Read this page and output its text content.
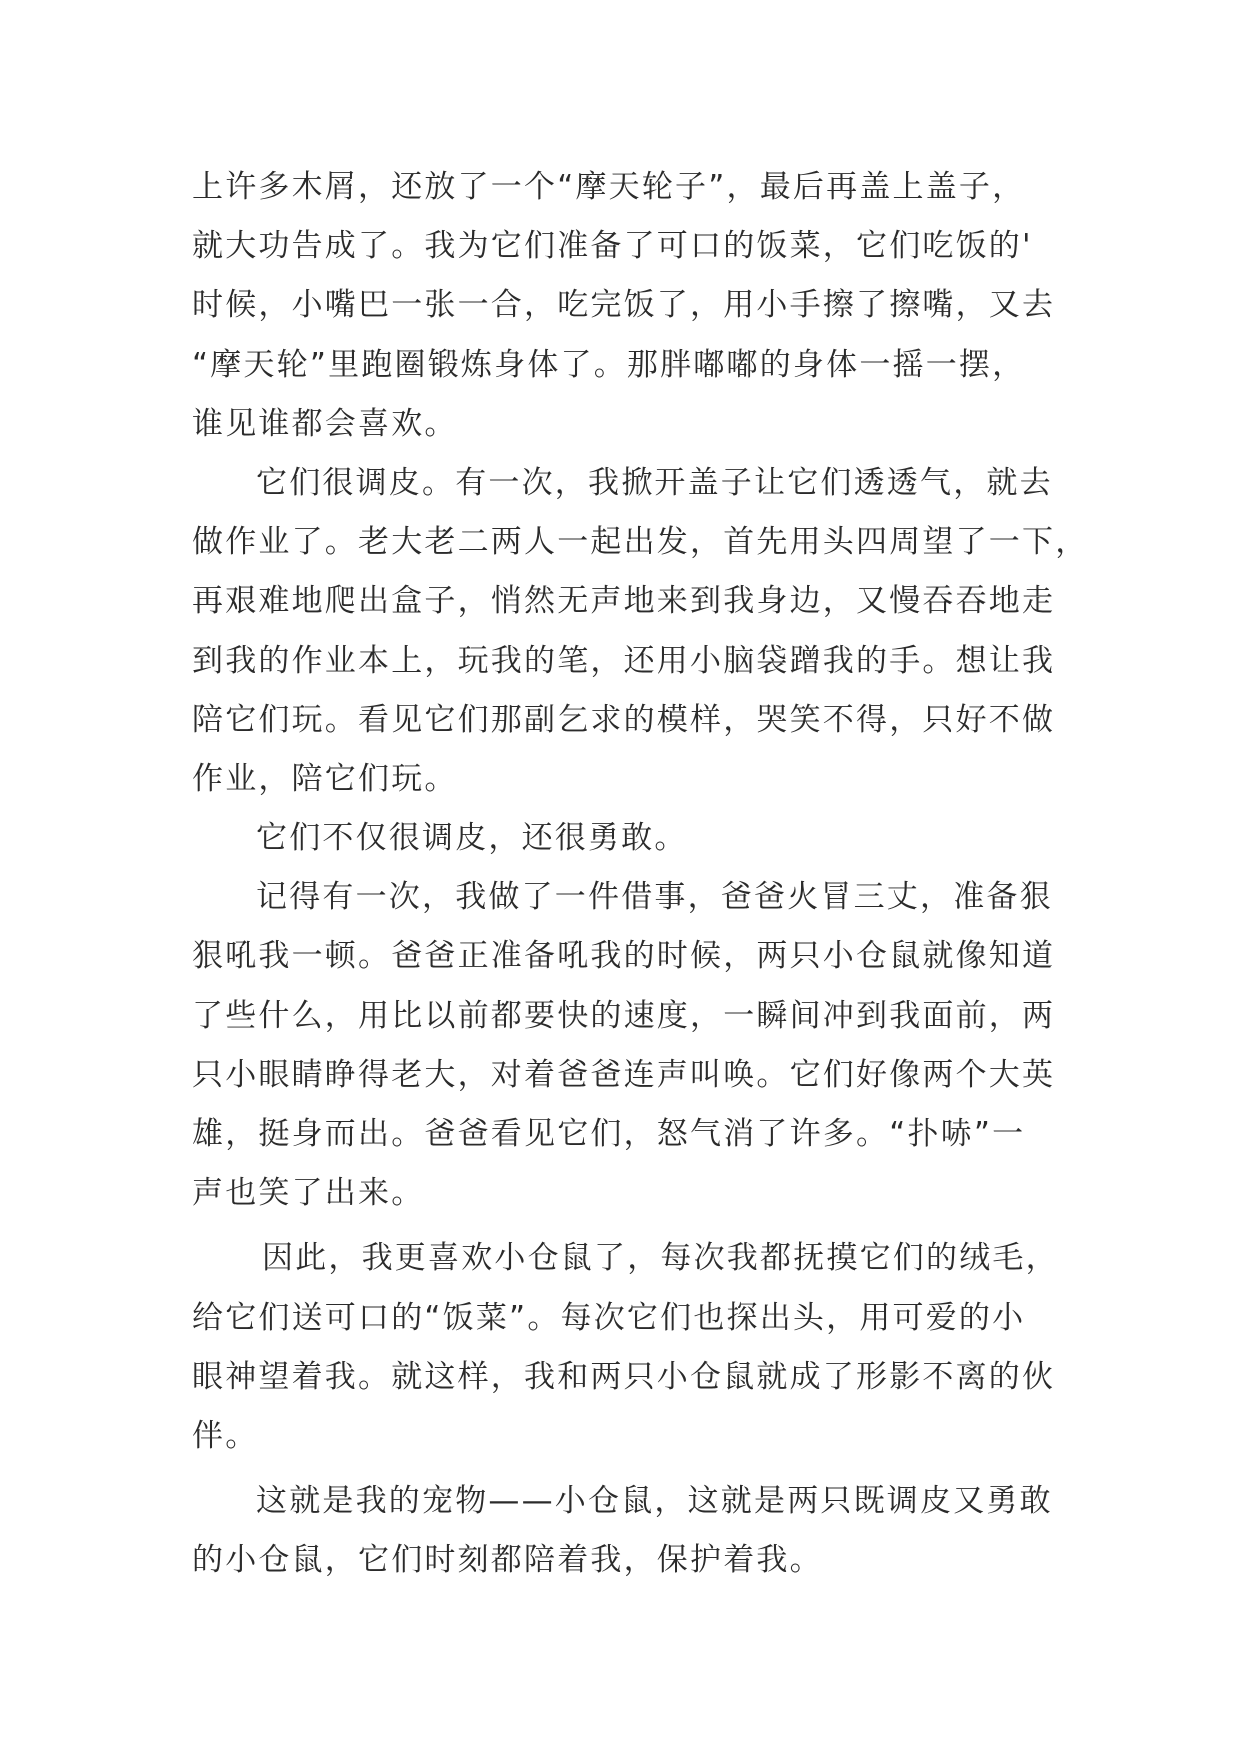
上许多木屑，还放了一个“摩天轮子”，最后再盖上盖子，
就大功告成了。我为它们准备了可口的饭菜，它们吃饭的'
时候，小嘴巴一张一合，吃完饭了，用小手擦了擦嘴，又去
“摩天轮”里跑圈锻炼身体了。那胖嘟嘟的身体一摇一摆，
谁见谁都会喜欢。
它们很调皮。有一次，我掀开盖子让它们透透气，就去
做作业了。老大老二两人一起出发，首先用头四周望了一下，
再艰难地爬出盒子，悄然无声地来到我身边，又慢吞吞地走
到我的作业本上，玩我的笔，还用小脑袋蹭我的手。想让我
陪它们玩。看见它们那副乞求的模样，哭笑不得，只好不做
作业，陪它们玩。
它们不仅很调皮，还很勇敢。
记得有一次，我做了一件借事，爸爸火冒三丈，准备狠
狠吼我一顿。爸爸正准备吼我的时候，两只小仓鼠就像知道
了些什么，用比以前都要快的速度，一瞬间冲到我面前，两
只小眼睛睁得老大，对着爸爸连声叫唤。它们好像两个大英
雄，挺身而出。爸爸看见它们，怒气消了许多。“扑哧”一
声也笑了出来。
因此，我更喜欢小仓鼠了，每次我都抚摸它们的绒毛，
给它们送可口的“饭菜”。每次它们也探出头，用可爱的小
眼神望着我。就这样，我和两只小仓鼠就成了形影不离的伙
伴。
这就是我的宠物——小仓鼠，这就是两只既调皮又勇敢
的小仓鼠，它们时刻都陪着我，保护着我。
